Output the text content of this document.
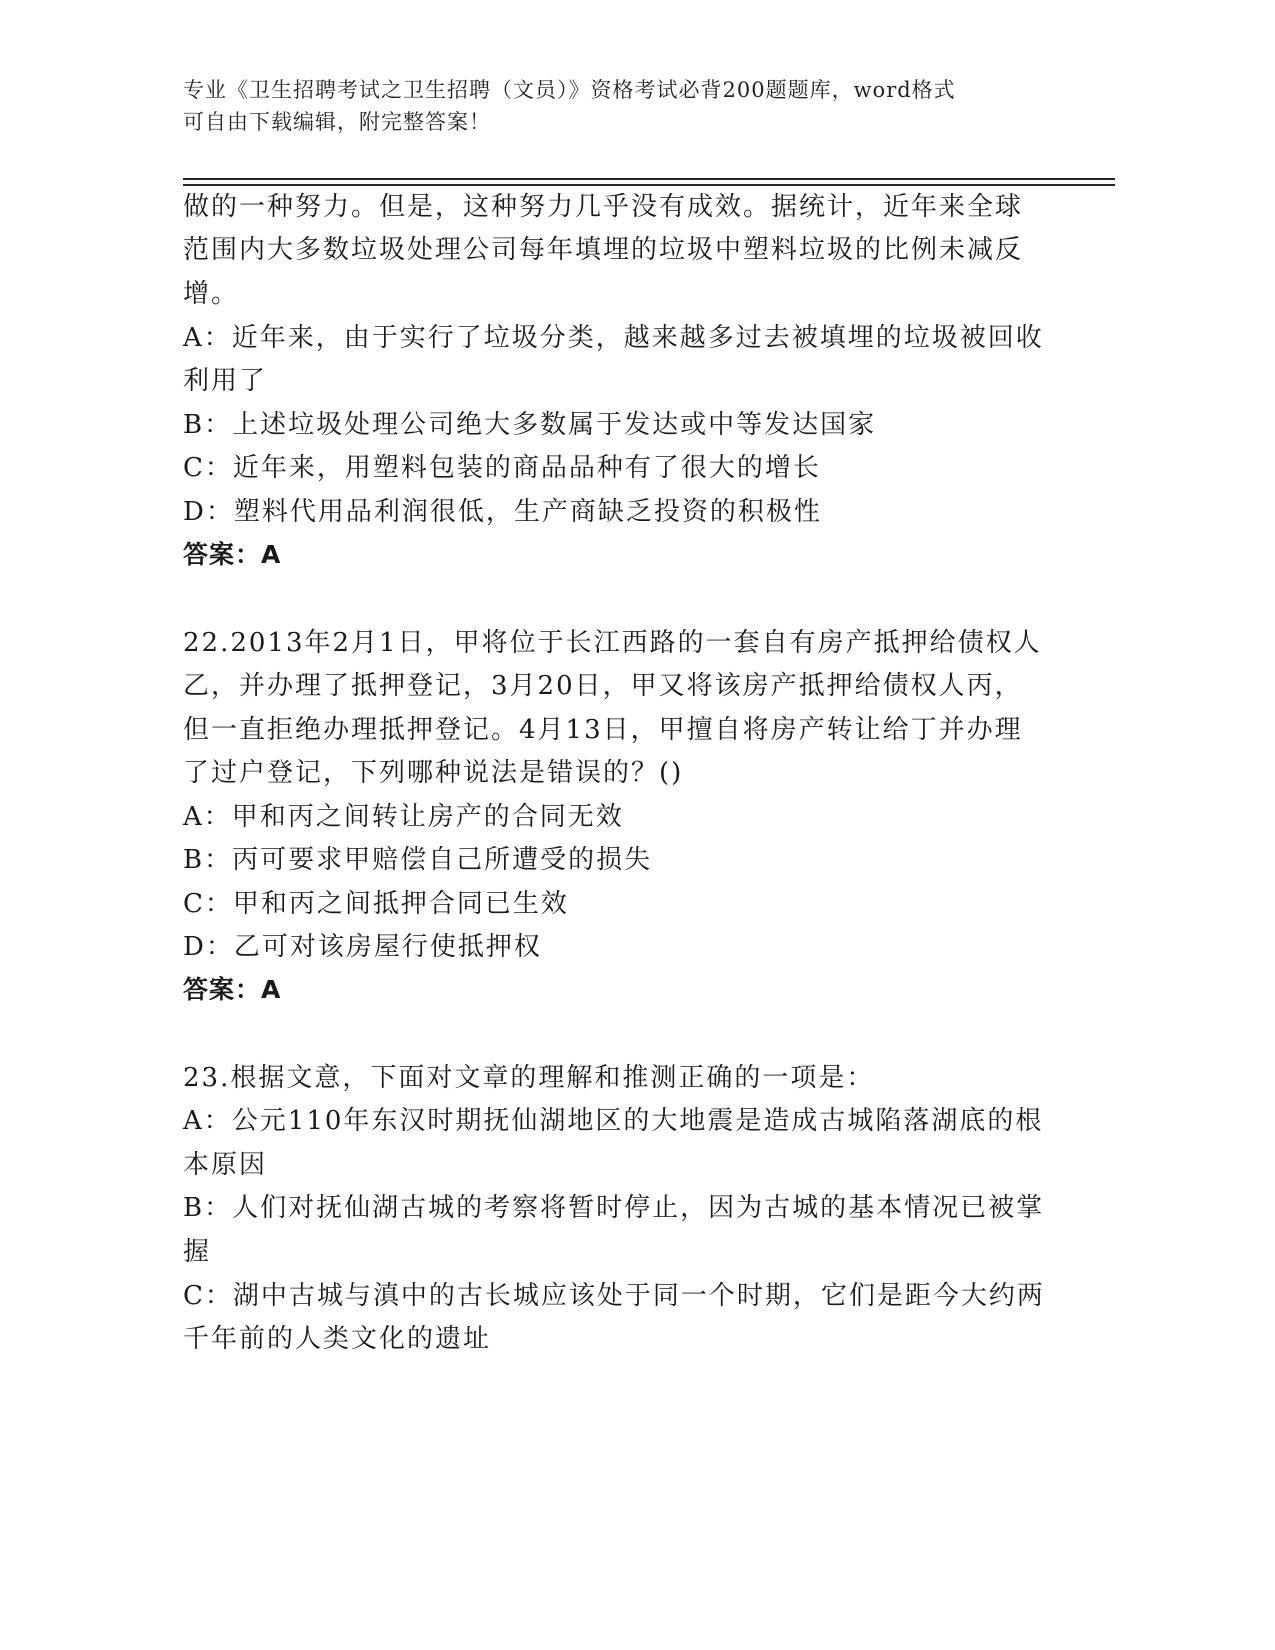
专业《卫生招聘考试之卫生招聘（文员）》资格考试必背200题题库，word格式
可自由下载编辑，附完整答案！
做的一种努力。但是，这种努力几乎没有成效。据统计，近年来全球
范围内大多数垃圾处理公司每年填埋的垃圾中塑料垃圾的比例未减反
增。
A：近年来，由于实行了垃圾分类，越来越多过去被填埋的垃圾被回收
利用了
B：上述垃圾处理公司绝大多数属于发达或中等发达国家
C：近年来，用塑料包装的商品品种有了很大的增长
D：塑料代用品利润很低，生产商缺乏投资的积极性
答案：A
22.2013年2月1日，甲将位于长江西路的一套自有房产抵押给债权人
乙，并办理了抵押登记，3月20日，甲又将该房产抵押给债权人丙，
但一直拒绝办理抵押登记。4月13日，甲擅自将房产转让给丁并办理
了过户登记，下列哪种说法是错误的？()
A：甲和丙之间转让房产的合同无效
B：丙可要求甲赔偿自己所遭受的损失
C：甲和丙之间抵押合同已生效
D：乙可对该房屋行使抵押权
答案：A
23.根据文意，下面对文章的理解和推测正确的一项是：
A：公元110年东汉时期抚仙湖地区的大地震是造成古城陷落湖底的根
本原因
B：人们对抚仙湖古城的考察将暂时停止，因为古城的基本情况已被掌
握
C：湖中古城与滇中的古长城应该处于同一个时期，它们是距今大约两
千年前的人类文化的遗址
